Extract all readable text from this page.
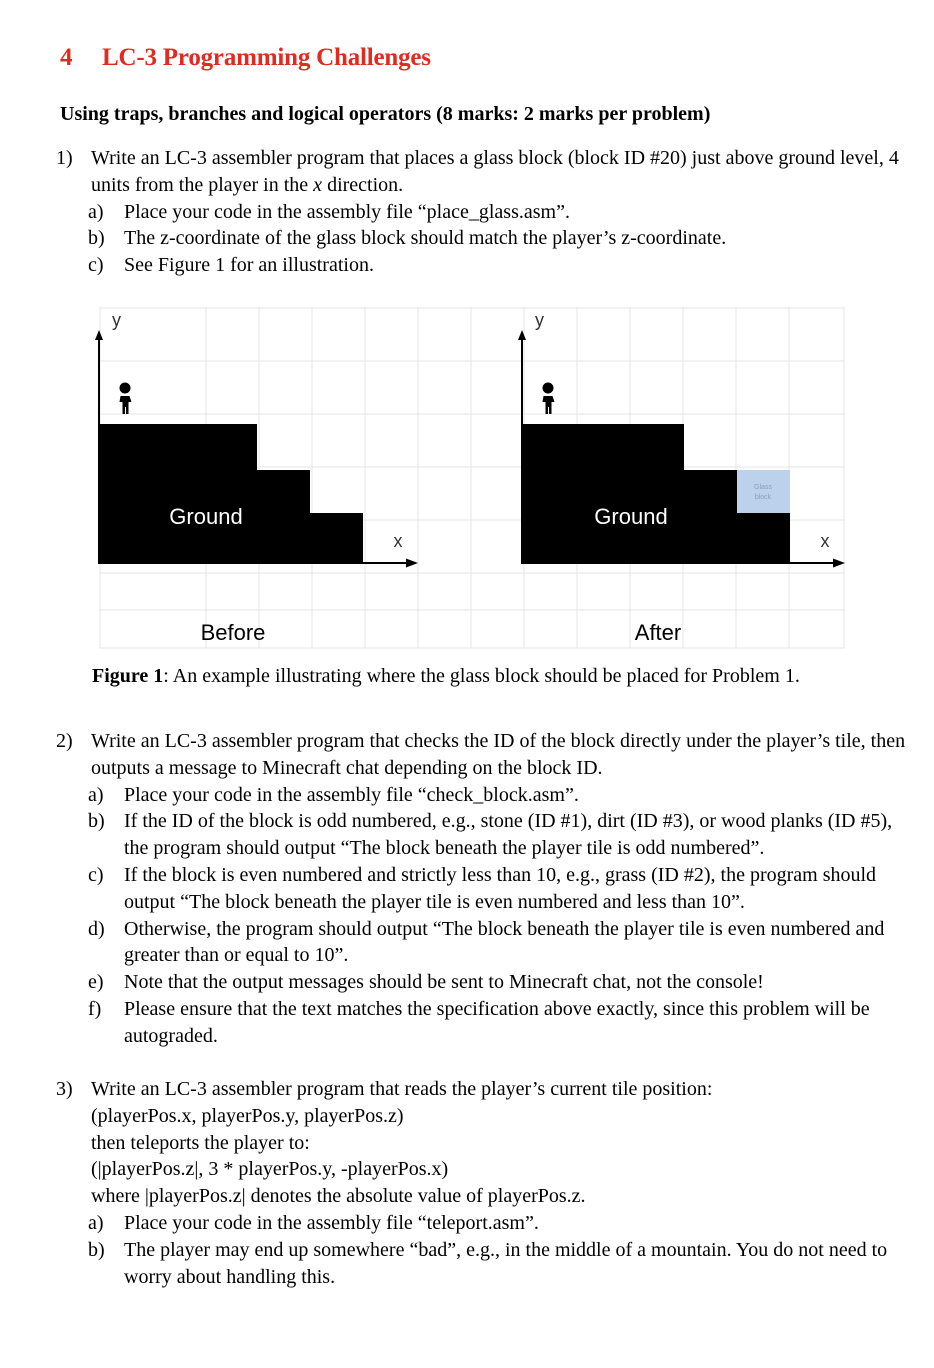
4 LC-3 Programming Challenges
Using traps, branches and logical operators (8 marks: 2 marks per problem)
1) Write an LC-3 assembler program that places a glass block (block ID #20) just above ground level, 4 units from the player in the x direction.
a) Place your code in the assembly file “place_glass.asm”.
b) The z-coordinate of the glass block should match the player’s z-coordinate.
c) See Figure 1 for an illustration.
y	y
x	x
Ground	Ground
Glass
block
Before	After

Figure 1: An example illustrating where the glass block should be placed for Problem 1.

2) Write an LC-3 assembler program that checks the ID of the block directly under the player’s tile, then outputs a message to Minecraft chat depending on the block ID.
a) Place your code in the assembly file “check_block.asm”.
b) If the ID of the block is odd numbered, e.g., stone (ID #1), dirt (ID #3), or wood planks (ID #5), the program should output “The block beneath the player tile is odd numbered”.
c) If the block is even numbered and strictly less than 10, e.g., grass (ID #2), the program should output “The block beneath the player tile is even numbered and less than 10”.
d) Otherwise, the program should output “The block beneath the player tile is even numbered and greater than or equal to 10”.
e) Note that the output messages should be sent to Minecraft chat, not the console!
f) Please ensure that the text matches the specification above exactly, since this problem will be autograded.
3) Write an LC-3 assembler program that reads the player’s current tile position:
(playerPos.x, playerPos.y, playerPos.z)
then teleports the player to:
(|playerPos.z|, 3 * playerPos.y, -playerPos.x)
where |playerPos.z| denotes the absolute value of playerPos.z.
a) Place your code in the assembly file “teleport.asm”.
b) The player may end up somewhere “bad”, e.g., in the middle of a mountain. You do not need to worry about handling this.
